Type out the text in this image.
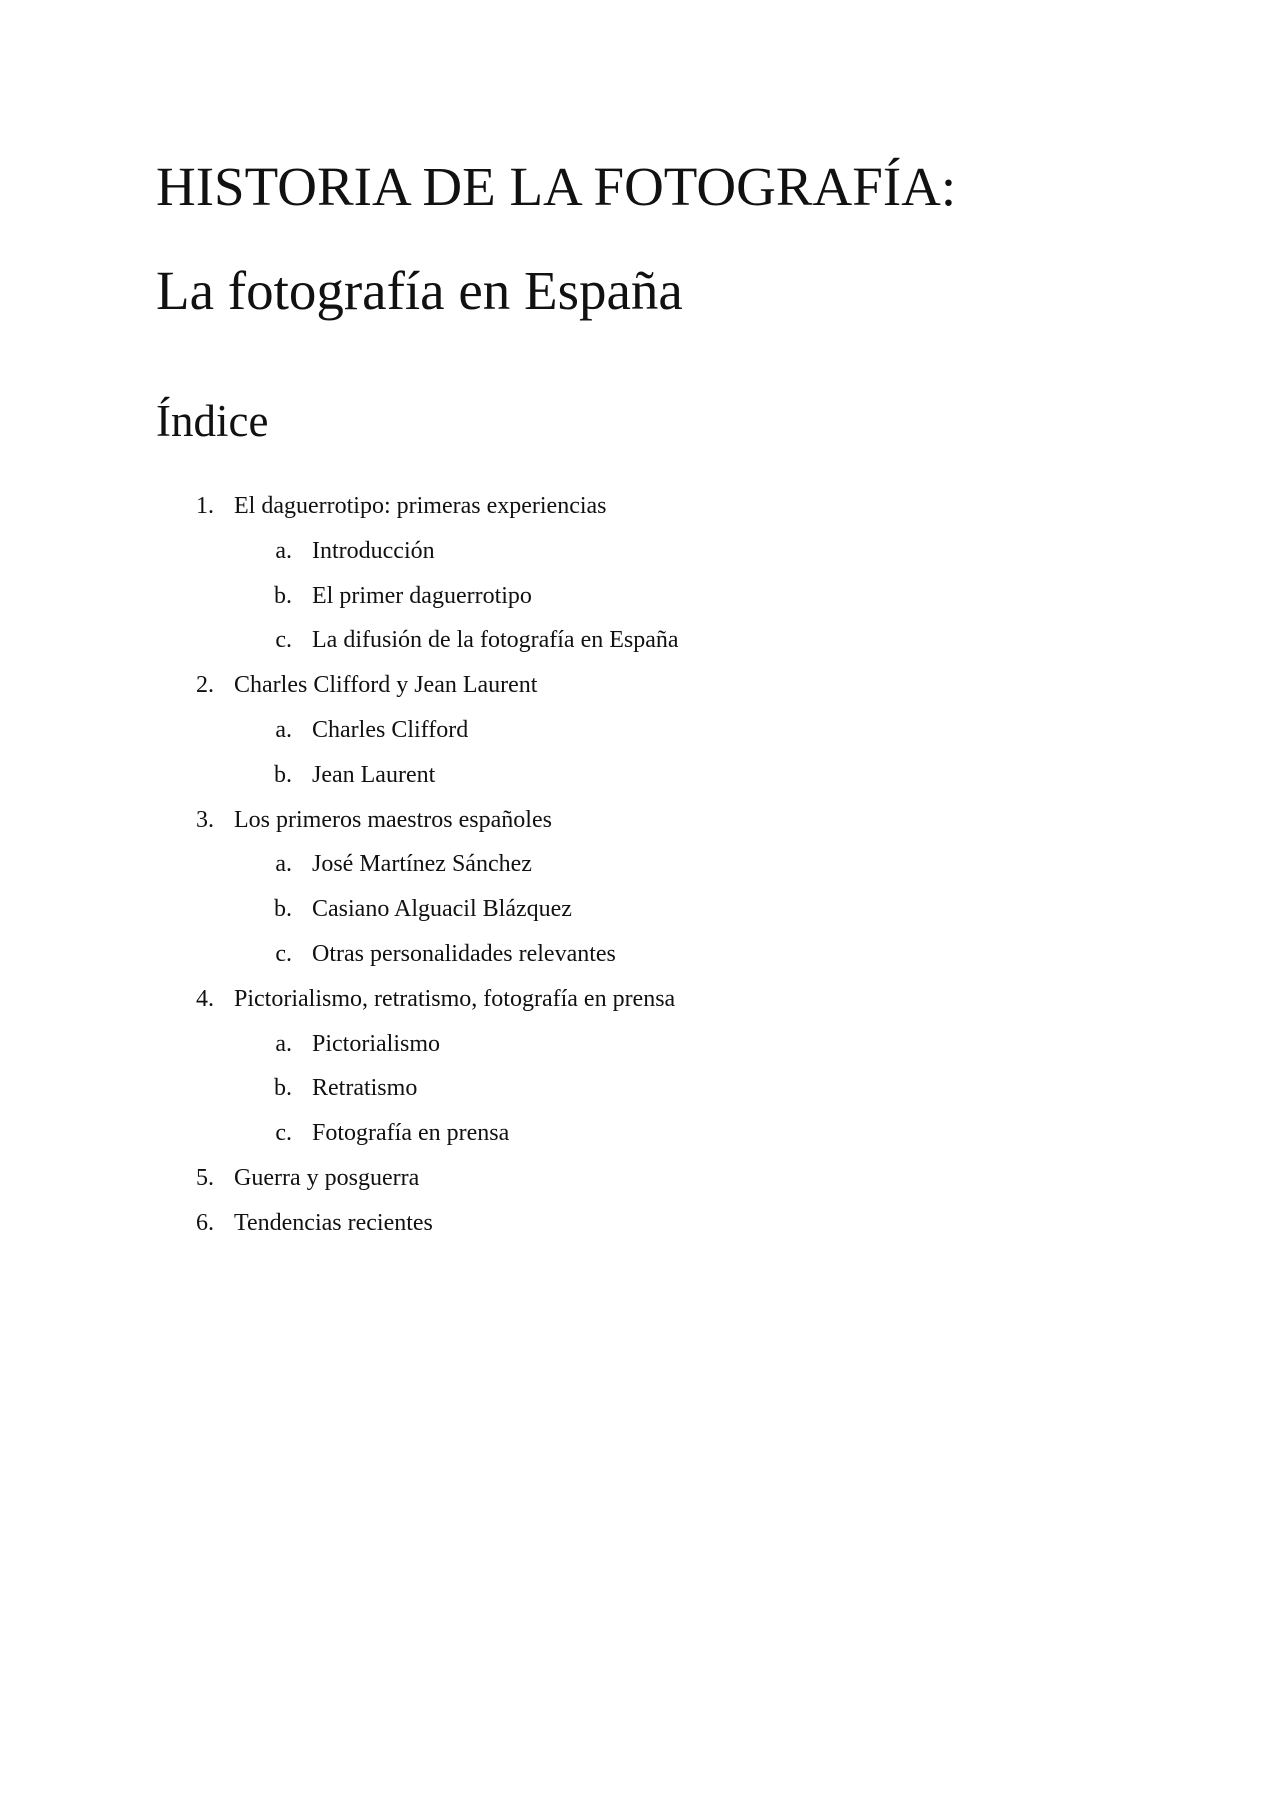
HISTORIA DE LA FOTOGRAFÍA:
La fotografía en España
Índice
1. El daguerrotipo: primeras experiencias
a. Introducción
b. El primer daguerrotipo
c. La difusión de la fotografía en España
2. Charles Clifford y Jean Laurent
a. Charles Clifford
b. Jean Laurent
3. Los primeros maestros españoles
a. José Martínez Sánchez
b. Casiano Alguacil Blázquez
c. Otras personalidades relevantes
4. Pictorialismo, retratismo, fotografía en prensa
a. Pictorialismo
b. Retratismo
c. Fotografía en prensa
5. Guerra y posguerra
6. Tendencias recientes
